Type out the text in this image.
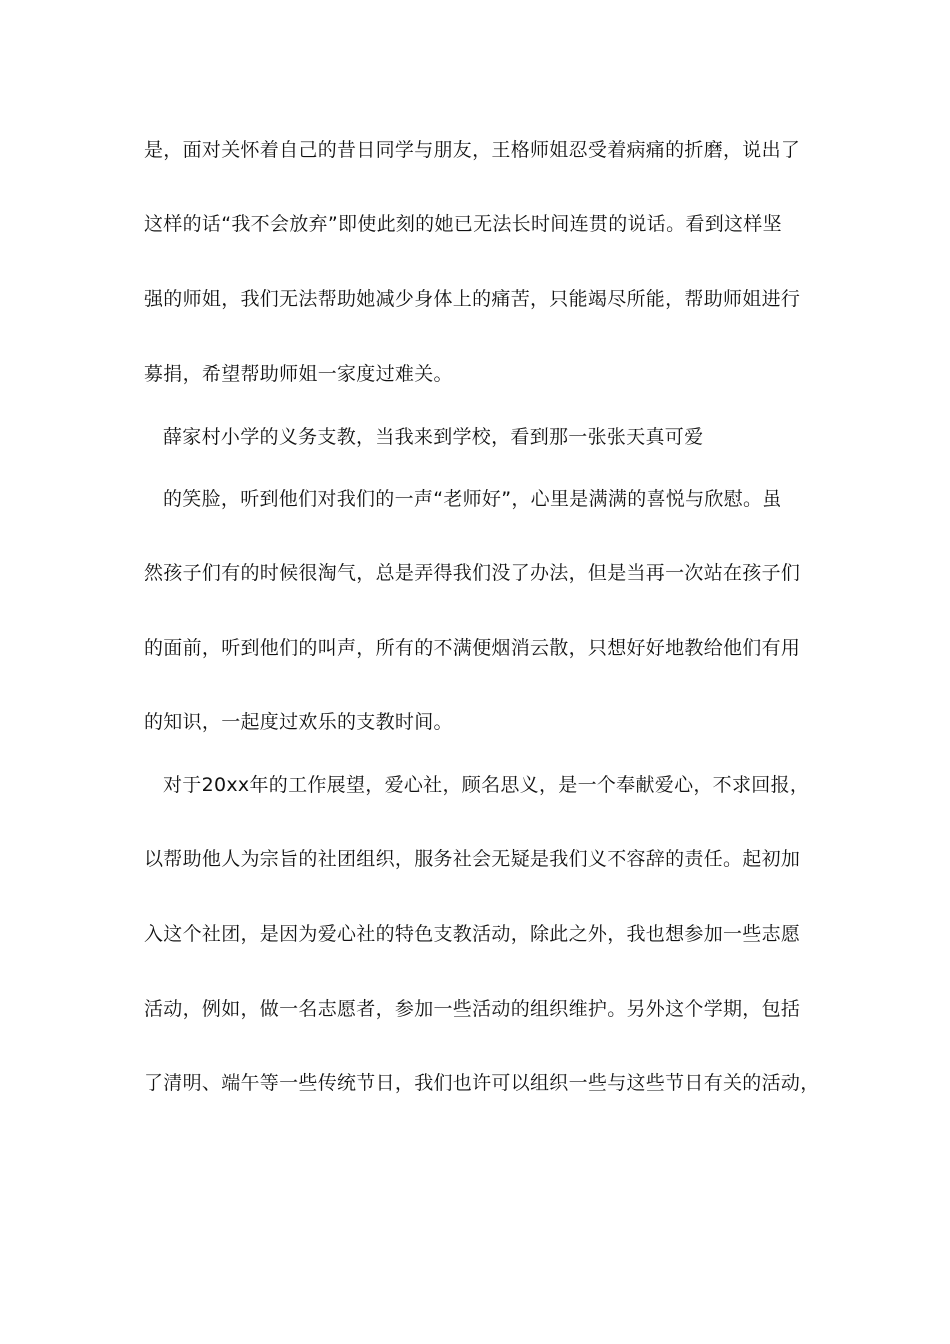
是，面对关怀着自己的昔日同学与朋友，王格师姐忍受着病痛的折磨，说出了
这样的话“我不会放弃”即使此刻的她已无法长时间连贯的说话。看到这样坚
强的师姐，我们无法帮助她减少身体上的痛苦，只能竭尽所能，帮助师姐进行
募捐，希望帮助师姐一家度过难关。
薛家村小学的义务支教，当我来到学校，看到那一张张天真可爱
的笑脸，听到他们对我们的一声“老师好”，心里是满满的喜悦与欣慰。虽
然孩子们有的时候很淘气，总是弄得我们没了办法，但是当再一次站在孩子们
的面前，听到他们的叫声，所有的不满便烟消云散，只想好好地教给他们有用
的知识，一起度过欢乐的支教时间。
对于20xx年的工作展望，爱心社，顾名思义，是一个奉献爱心，不求回报，
以帮助他人为宗旨的社团组织，服务社会无疑是我们义不容辞的责任。起初加
入这个社团，是因为爱心社的特色支教活动，除此之外，我也想参加一些志愿
活动，例如，做一名志愿者，参加一些活动的组织维护。另外这个学期，包括
了清明、端午等一些传统节日，我们也许可以组织一些与这些节日有关的活动，
